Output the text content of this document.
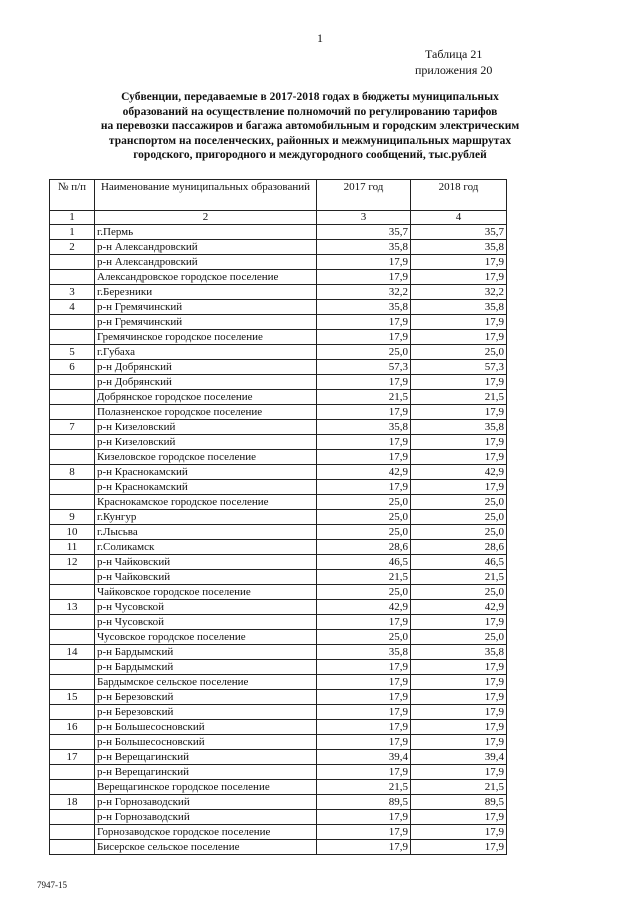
1
Таблица 21
приложения 20
Субвенции, передаваемые в 2017-2018 годах в бюджеты муниципальных
образований на осуществление полномочий по регулированию тарифов
на перевозки пассажиров и багажа автомобильным и городским электрическим
транспортом на поселенческих, районных и межмуниципальных маршрутах
городского, пригородного и междугородного сообщений, тыс.рублей
№ п/п	Наименование муниципальных образований	2017 год	2018 год
1	2	3	4
1	г.Пермь	35,7	35,7
2	р-н Александровский	35,8	35,8
	р-н Александровский	17,9	17,9
	Александровское городское поселение	17,9	17,9
3	г.Березники	32,2	32,2
4	р-н Гремячинский	35,8	35,8
	р-н Гремячинский	17,9	17,9
	Гремячинское городское поселение	17,9	17,9
5	г.Губаха	25,0	25,0
6	р-н Добрянский	57,3	57,3
	р-н Добрянский	17,9	17,9
	Добрянское городское поселение	21,5	21,5
	Полазненское городское поселение	17,9	17,9
7	р-н Кизеловский	35,8	35,8
	р-н Кизеловский	17,9	17,9
	Кизеловское городское поселение	17,9	17,9
8	р-н Краснокамский	42,9	42,9
	р-н Краснокамский	17,9	17,9
	Краснокамское городское поселение	25,0	25,0
9	г.Кунгур	25,0	25,0
10	г.Лысьва	25,0	25,0
11	г.Соликамск	28,6	28,6
12	р-н Чайковский	46,5	46,5
	р-н Чайковский	21,5	21,5
	Чайковское городское поселение	25,0	25,0
13	р-н Чусовской	42,9	42,9
	р-н Чусовской	17,9	17,9
	Чусовское городское поселение	25,0	25,0
14	р-н Бардымский	35,8	35,8
	р-н Бардымский	17,9	17,9
	Бардымское сельское поселение	17,9	17,9
15	р-н Березовский	17,9	17,9
	р-н Березовский	17,9	17,9
16	р-н Большесосновский	17,9	17,9
	р-н Большесосновский	17,9	17,9
17	р-н Верещагинский	39,4	39,4
	р-н Верещагинский	17,9	17,9
	Верещагинское городское поселение	21,5	21,5
18	р-н Горнозаводский	89,5	89,5
	р-н Горнозаводский	17,9	17,9
	Горнозаводское городское поселение	17,9	17,9
	Бисерское сельское поселение	17,9	17,9
7947-15
